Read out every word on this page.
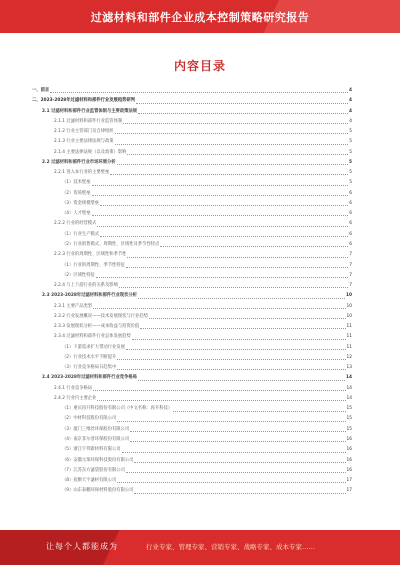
过滤材料和部件企业成本控制策略研究报告
内容目录
一、前言	4
二、2023-2028年过滤材料和部件行业发展趋势研判	4
2.1 过滤材料和部件行业监管体制与主要政策法规	4
2.1.1 过滤材料和部件行业监管体制	4
2.1.2 行业主管部门及自律组织	5
2.1.3 行业主要法律法规与政策	5
2.1.4 主要法律法规（以及政策）影响	5
2.2 过滤材料和部件行业市场环境分析	5
2.2.1 进入本行业的主要壁垒	5
（1）技术壁垒	5
（2）资质壁垒	6
（3）资金规模壁垒	6
（4）人才壁垒	6
2.2.2 行业的经营模式	6
（1）行业生产模式	6
（2）行业销售模式、周期性、区域性及季节性特点	6
2.2.3 行业的周期性、区域性和季节性	7
（1）行业的周期性、季节性特征	7
（2）区域性特征	7
2.2.4 与上下游行业的关系及影响	7
2.3 2023-2028年过滤材料和部件行业现状分析	10
2.3.1 主要产品类型	10
2.3.2 行业发展概况——技术发展现状与行业趋势	10
2.3.3 发展现状分析——成本收益与投资价值	11
2.3.4 过滤材料和部件行业总体发展趋势	11
（1）下游需求扩大带动行业发展	11
（2）行业技术水平不断提升	12
（3）行业竞争格局日趋集中	13
2.4 2023-2028年过滤材料和部件行业竞争格局	14
2.4.1 行业竞争格局	14
2.4.2 行业内主要企业	14
（1）重庆再升科技股份有限公司（中文名称：再升科技）	15
（2）中材科技股份有限公司	15
（3）厦门三维丝环保股份有限公司	15
（4）南京菲尔普环保股份有限公司	16
（5）浙江宇邦新材料有限公司	16
（6）安徽元琛环保科技股份有限公司	16
（7）江苏东方滤袋股份有限公司	16
（8）抚顺天宇滤材有限公司	17
（9）山东泰鹏环保材料股份有限公司	17
让每个人都能成为	行业专家、管理专家、营销专家、战略专家、成本专家……
